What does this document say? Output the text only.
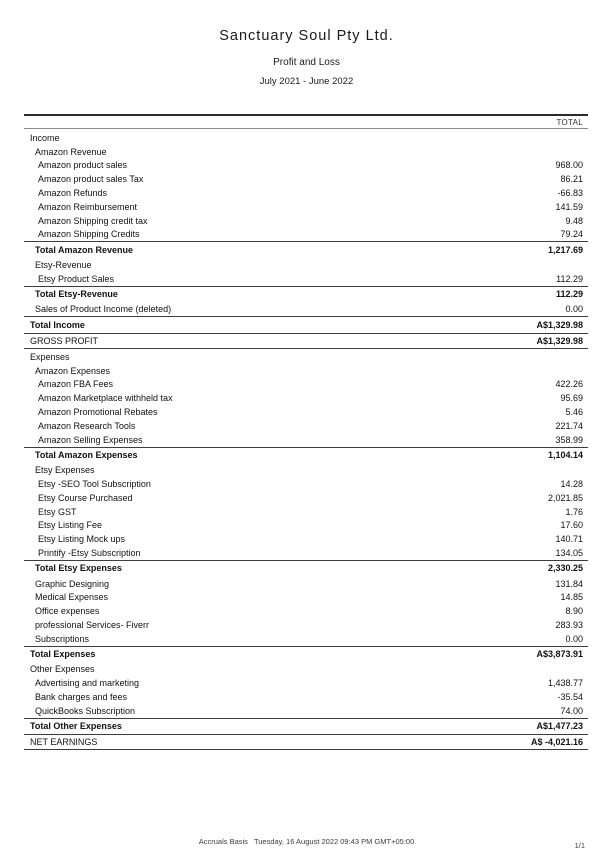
Sanctuary Soul Pty Ltd.
Profit and Loss
July 2021 - June 2022
TOTAL
Income
Amazon Revenue
Amazon product sales	968.00
Amazon product sales Tax	86.21
Amazon Refunds	-66.83
Amazon Reimbursement	141.59
Amazon Shipping credit tax	9.48
Amazon Shipping Credits	79.24
Total Amazon Revenue	1,217.69
Etsy-Revenue
Etsy Product Sales	112.29
Total Etsy-Revenue	112.29
Sales of Product Income (deleted)	0.00
Total Income	A$1,329.98
GROSS PROFIT	A$1,329.98
Expenses
Amazon Expenses
Amazon FBA Fees	422.26
Amazon Marketplace withheld tax	95.69
Amazon Promotional Rebates	5.46
Amazon Research Tools	221.74
Amazon Selling Expenses	358.99
Total Amazon Expenses	1,104.14
Etsy Expenses
Etsy -SEO Tool Subscription	14.28
Etsy Course Purchased	2,021.85
Etsy GST	1.76
Etsy Listing Fee	17.60
Etsy Listing Mock ups	140.71
Printify -Etsy Subscription	134.05
Total Etsy Expenses	2,330.25
Graphic Designing	131.84
Medical Expenses	14.85
Office expenses	8.90
professional Services- Fiverr	283.93
Subscriptions	0.00
Total Expenses	A$3,873.91
Other Expenses
Advertising and marketing	1,438.77
Bank charges and fees	-35.54
QuickBooks Subscription	74.00
Total Other Expenses	A$1,477.23
NET EARNINGS	A$ -4,021.16
Accruals Basis Tuesday, 16 August 2022 09:43 PM GMT+05:00	1/1
